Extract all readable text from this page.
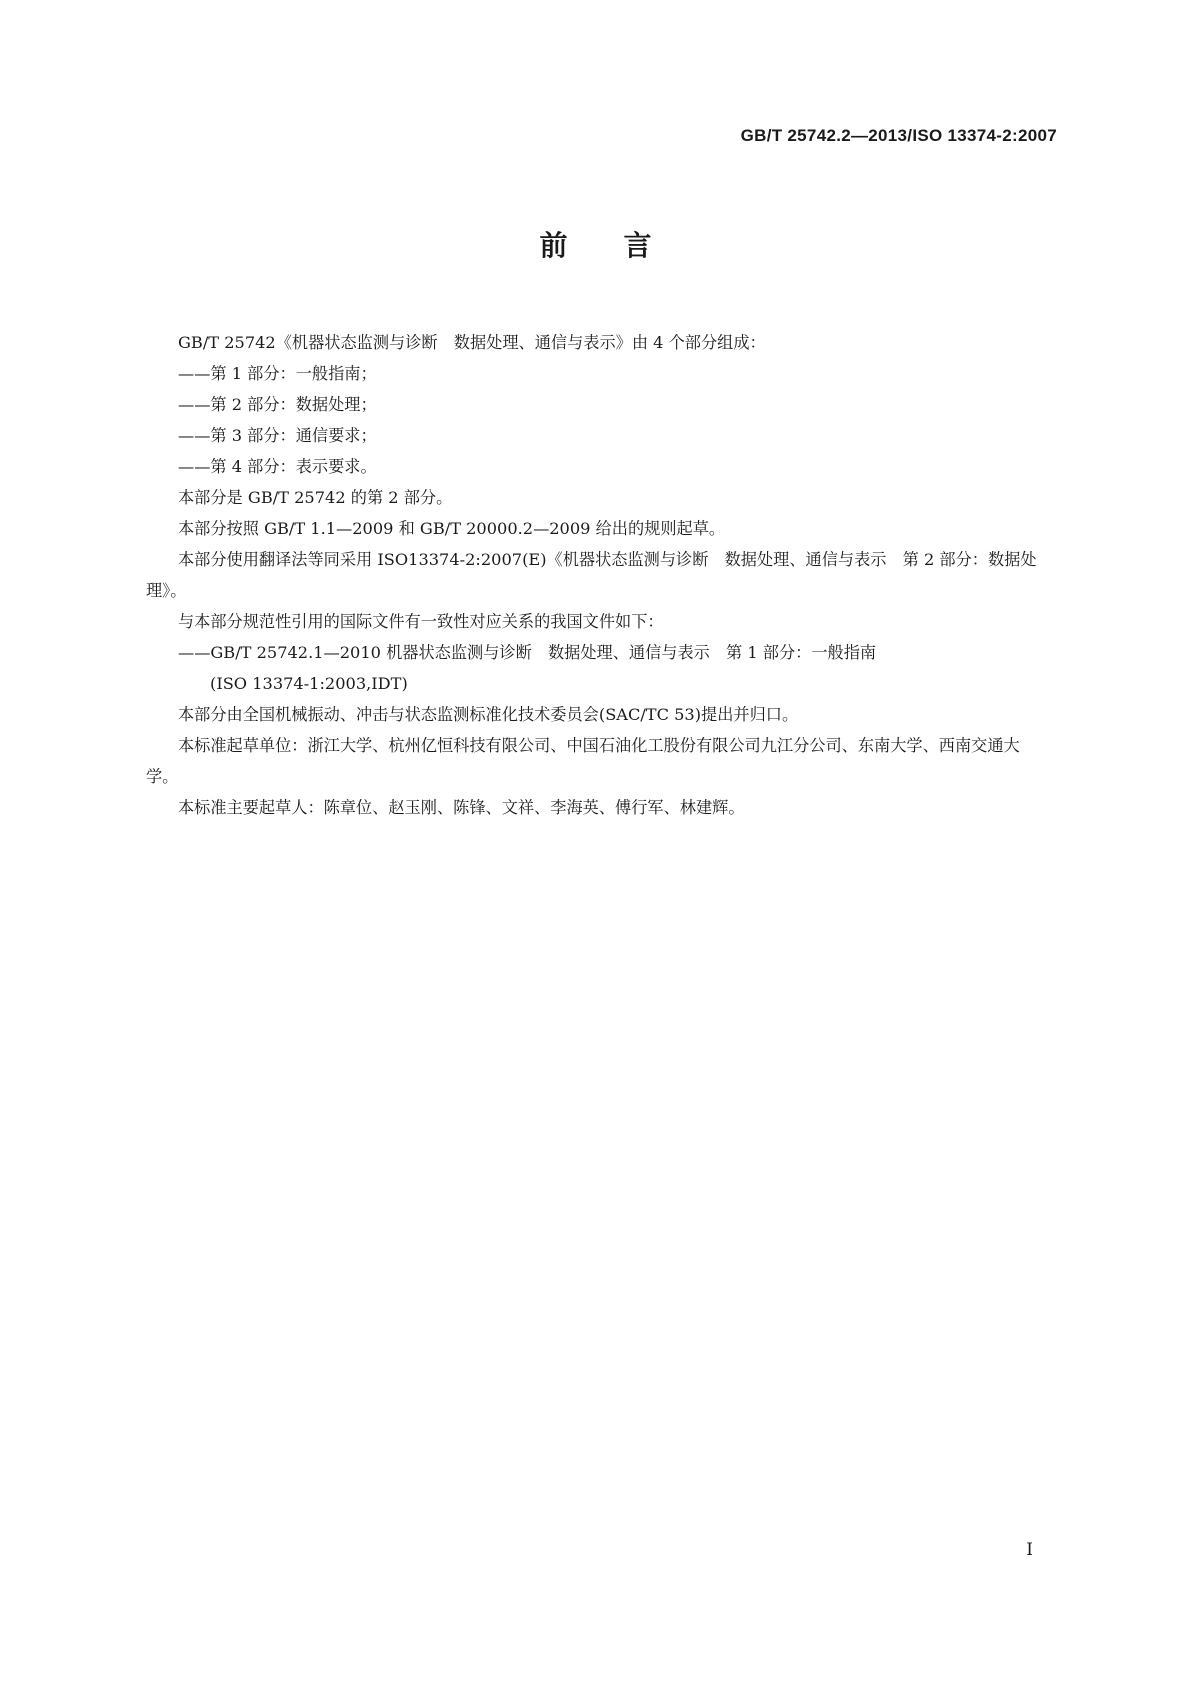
GB/T 25742.2—2013/ISO 13374-2:2007
前言

GB/T 25742《机器状态监测与诊断　数据处理、通信与表示》由 4 个部分组成：

——第 1 部分：一般指南；

——第 2 部分：数据处理；

——第 3 部分：通信要求；

——第 4 部分：表示要求。

本部分是 GB/T 25742 的第 2 部分。

本部分按照 GB/T 1.1—2009 和 GB/T 20000.2—2009 给出的规则起草。

本部分使用翻译法等同采用 ISO13374-2:2007(E)《机器状态监测与诊断　数据处理、通信与表示　第 2 部分：数据处理》。

与本部分规范性引用的国际文件有一致性对应关系的我国文件如下：

——GB/T 25742.1—2010 机器状态监测与诊断　数据处理、通信与表示　第 1 部分：一般指南

(ISO 13374-1:2003,IDT)

本部分由全国机械振动、冲击与状态监测标准化技术委员会(SAC/TC 53)提出并归口。

本标准起草单位：浙江大学、杭州亿恒科技有限公司、中国石油化工股份有限公司九江分公司、东南大学、西南交通大学。

本标准主要起草人：陈章位、赵玉刚、陈锋、文祥、李海英、傅行军、林建辉。

I
